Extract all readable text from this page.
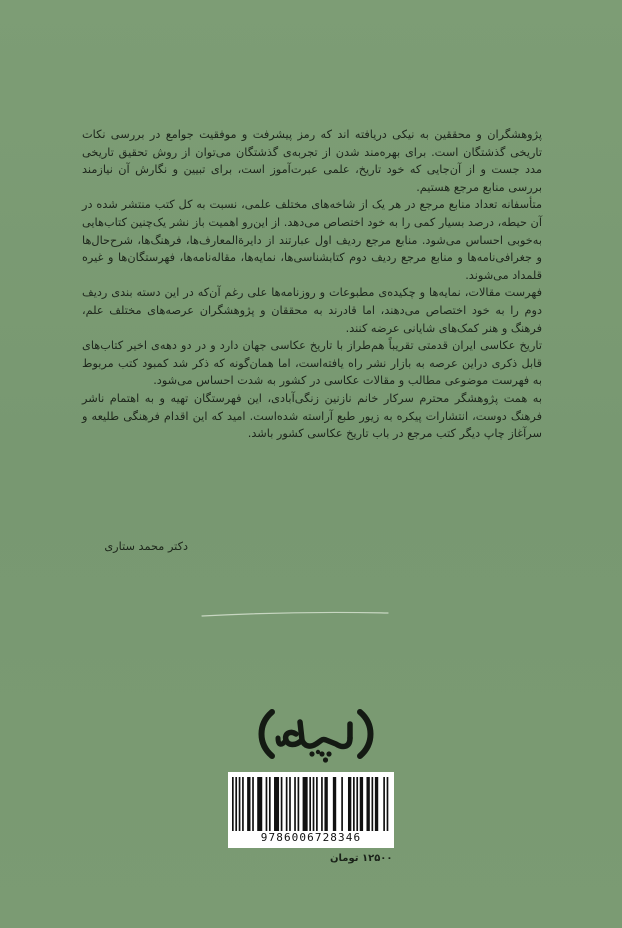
پژوهشگران و محققین به نیکی دریافته اند که رمز پیشرفت و موفقیت جوامع در بررسی نکات تاریخی گذشتگان است. برای بهره‌مند شدن از تجربه‌ی گذشتگان می‌توان از روش تحقیق تاریخی مدد جست و از آن‌جایی که خود تاریخ، علمی عبرت‌آموز است، برای تبیین و نگارش آن نیازمند بررسی منابع مرجع هستیم.

متأسفانه تعداد منابع مرجع در هر یک از شاخه‌های مختلف علمی، نسبت به کل کتب منتشر شده در آن حیطه، درصد بسیار کمی را به خود اختصاص می‌دهد. از این‌رو اهمیت باز نشر یک‌چنین کتاب‌هایی به‌خوبی احساس می‌شود. منابع مرجع ردیف اول عبارتند از دایرة‌المعارف‌ها، فرهنگ‌ها، شرح‌حال‌ها و جغرافی‌نامه‌ها و منابع مرجع ردیف دوم کتابشناسی‌ها، نمایه‌ها، مقاله‌نامه‌ها، فهرستگان‌ها و غیره قلمداد می‌شوند.

فهرست مقالات، نمایه‌ها و چکیده‌ی مطبوعات و روزنامه‌ها علی رغم آن‌که در این دسته بندی ردیف دوم را به خود اختصاص می‌دهند، اما قادرند به محققان و پژوهشگران عرصه‌های مختلف علم، فرهنگ و هنر کمک‌های شایانی عرضه کنند.

تاریخ عکاسی ایران قدمتی تقریباً هم‌طراز با تاریخ عکاسی جهان دارد و در دو دهه‌ی اخیر کتاب‌های قابل ذکری دراین عرصه به بازار نشر راه یافته‌است، اما همان‌گونه که ذکر شد کمبود کتب مربوط به فهرست موضوعی مطالب و مقالات عکاسی در کشور به شدت احساس می‌شود.

به همت پژوهشگر محترم سرکار خانم نازنین زنگی‌آبادی، این فهرستگان تهیه و به اهتمام ناشر فرهنگ دوست، انتشارات پیکره به زیور طبع آراسته شده‌است. امید که این اقدام فرهنگی طلیعه و سرآغاز چاپ دیگر کتب مرجع در باب تاریخ عکاسی کشور باشد.

دکتر محمد ستاری
9786006728346
۱۲۵۰۰ تومان
